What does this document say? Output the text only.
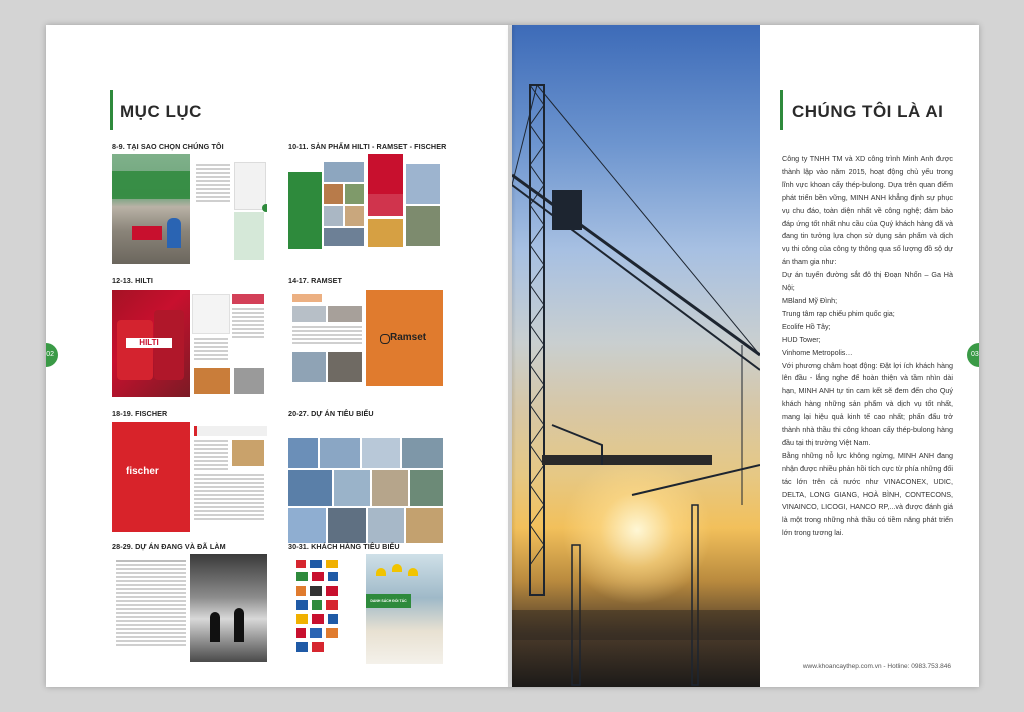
MỤC LỤC
02
8-9. TẠI SAO CHỌN CHÚNG TÔI	10-11. SẢN PHẨM HILTI - RAMSET - FISCHER
12-13. HILTI
HILTI
14-17. RAMSET
Ramset
18-19. FISCHER
fischer
20-27. DỰ ÁN TIÊU BIỂU
28-29. DỰ ÁN ĐANG VÀ ĐÃ LÀM	30-31. KHÁCH HÀNG TIÊU BIỂU
DANH SÁCH ĐỐI TÁC
CHÚNG TÔI LÀ AI

Công ty TNHH TM và XD công trình Minh Anh được thành lập vào năm 2015, hoạt động chủ yếu trong lĩnh vực khoan cấy thép-bulong. Dựa trên quan điểm phát triển bền vững, MINH ANH khẳng định sự phục vụ chu đáo, toàn diện nhất về công nghệ; đảm bảo đáp ứng tốt nhất nhu cầu của Quý khách hàng đã và đang tin tưởng lựa chọn sử dụng sản phẩm và dịch vụ thi công của công ty thông qua số lượng đồ sộ dự án tham gia như:

Dự án tuyến đường sắt đô thị Đoạn Nhổn – Ga Hà Nội;

MBland Mỹ Đình;

Trung tâm rạp chiếu phim quốc gia;

Ecolife Hồ Tây;

HUD Tower;

Vinhome Metropolis…

Với phương châm hoạt động: Đặt lợi ích khách hàng lên đầu - lắng nghe để hoàn thiện và tầm nhìn dài hạn, MINH ANH tự tin cam kết sẽ đem đến cho Quý khách hàng những sản phẩm và dịch vụ tốt nhất, mang lại hiệu quả kinh tế cao nhất; phấn đấu trở thành nhà thầu thi công khoan cấy thép-bulong hàng đầu tại thị trường Việt Nam.

Bằng những nỗ lực không ngừng, MINH ANH đang nhận được nhiều phản hồi tích cực từ phía những đối tác lớn trên cả nước như VINACONEX, UDIC, DELTA, LONG GIANG, HOÀ BÌNH, CONTECONS, VINAINCO, LICOGI, HANCO RP,...và được đánh giá là một trong những nhà thầu có tiềm năng phát triển lớn trong tương lai.

03
www.khoancaythep.com.vn - Hotline: 0983.753.846
